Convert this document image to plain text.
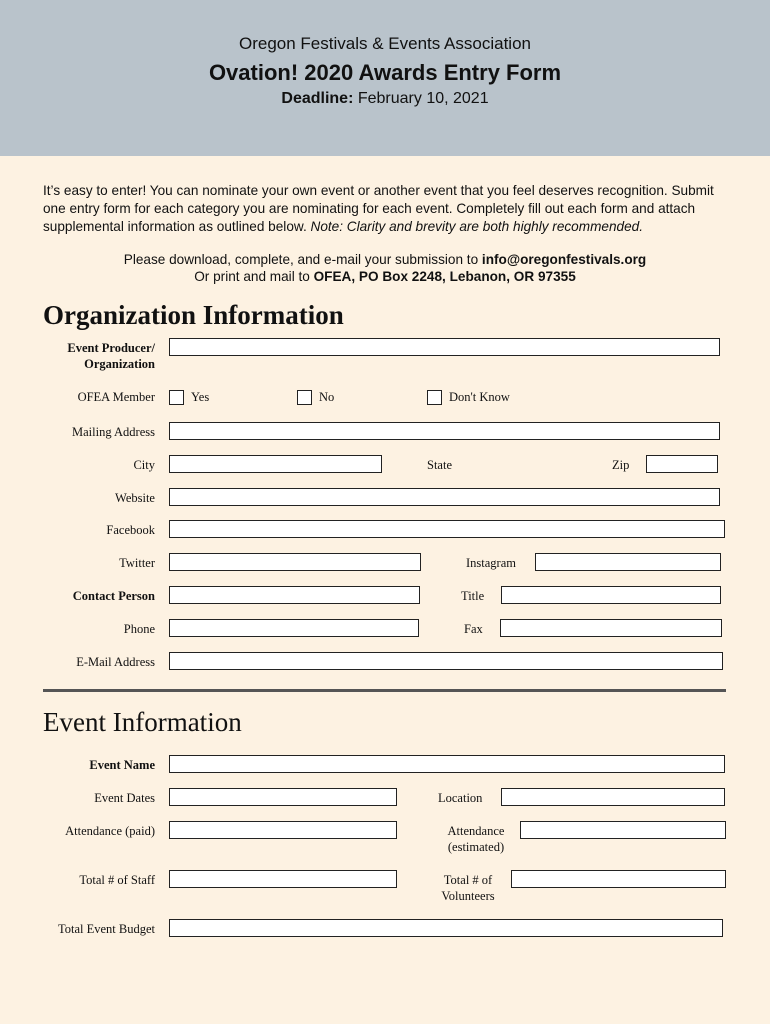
Oregon Festivals & Events Association
Ovation! 2020 Awards Entry Form
Deadline: February 10, 2021
It’s easy to enter! You can nominate your own event or another event that you feel deserves recognition. Submit one entry form for each category you are nominating for each event. Completely fill out each form and attach supplemental information as outlined below. Note: Clarity and brevity are both highly recommended.
Please download, complete, and e-mail your submission to info@oregonfestivals.org
Or print and mail to OFEA, PO Box 2248, Lebanon, OR 97355
Organization Information
Event Producer/
Organization
OFEA Member	Yes	No	Don't Know
Mailing Address
City	State	Zip
Website
Facebook
Twitter	Instagram
Contact Person	Title
Phone	Fax
E-Mail Address
Event Information
Event Name
Event Dates	Location
Attendance (paid)	Attendance
(estimated)
Total # of Staff	Total # of
Volunteers
Total Event Budget
